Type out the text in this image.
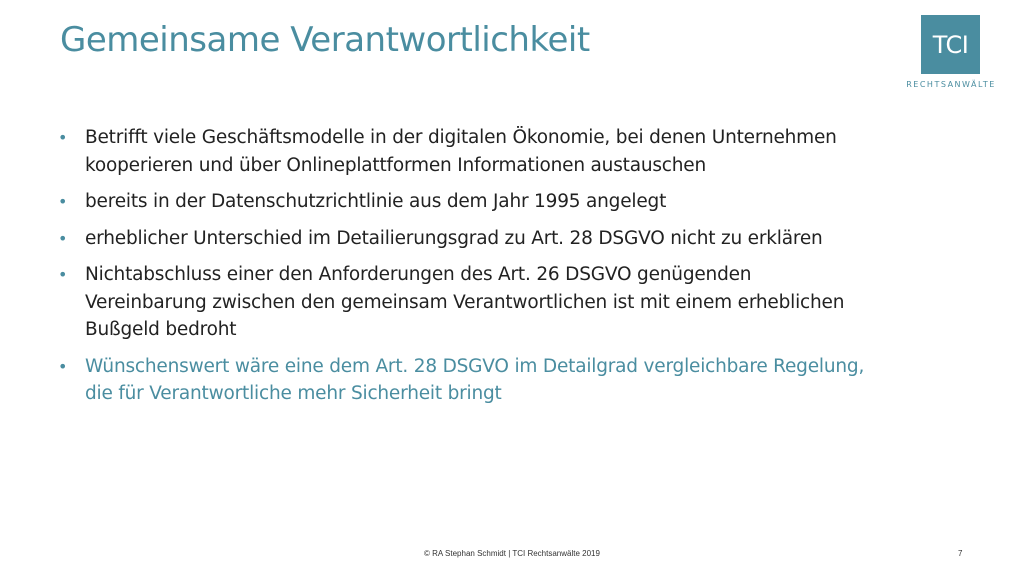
Gemeinsame Verantwortlichkeit	TCI
RECHTSANWÄLTE
• Betrifft viele Geschäftsmodelle in der digitalen Ökonomie, bei denen Unternehmen kooperieren und über Onlineplattformen Informationen austauschen
• bereits in der Datenschutzrichtlinie aus dem Jahr 1995 angelegt
• erheblicher Unterschied im Detailierungsgrad zu Art. 28 DSGVO nicht zu erklären
• Nichtabschluss einer den Anforderungen des Art. 26 DSGVO genügenden Vereinbarung zwischen den gemeinsam Verantwortlichen ist mit einem erheblichen Bußgeld bedroht
• Wünschenswert wäre eine dem Art. 28 DSGVO im Detailgrad vergleichbare Regelung, die für Verantwortliche mehr Sicherheit bringt
© RA Stephan Schmidt | TCI Rechtsanwälte 2019	7
